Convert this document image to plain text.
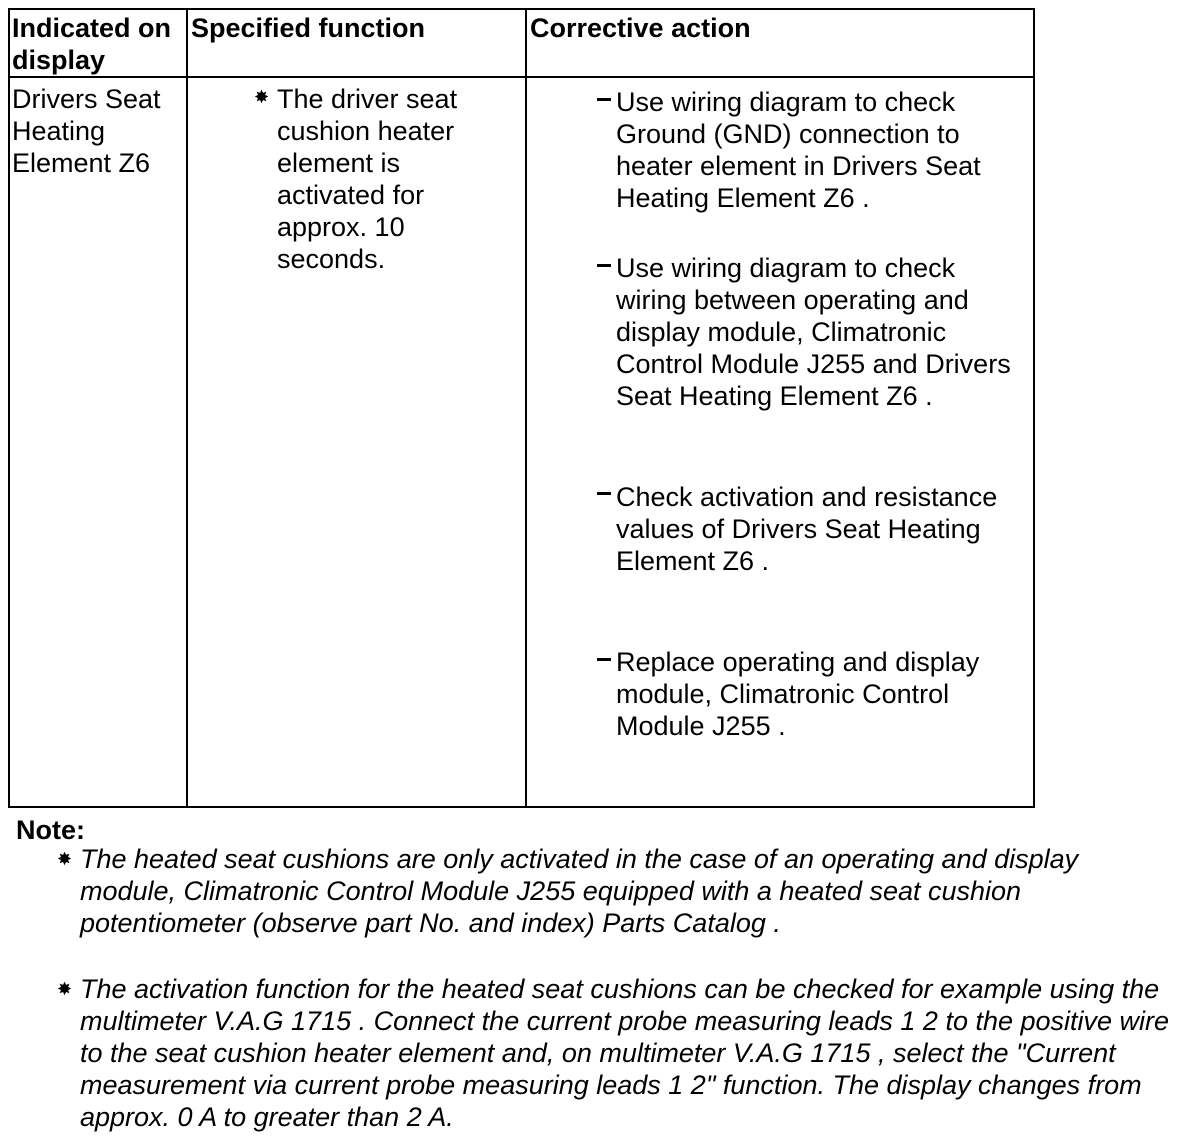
Indicated on display
Specified function	Corrective action
Drivers Seat Heating Element Z6
✸ The driver seat cushion heater element is activated for approx. 10 seconds.
Use wiring diagram to check Ground (GND) connection to heater element in Drivers Seat Heating Element Z6 .
Use wiring diagram to check wiring between operating and display module, Climatronic Control Module J255 and Drivers Seat Heating Element Z6 .
Check activation and resistance values of Drivers Seat Heating Element Z6 .
Replace operating and display module, Climatronic Control Module J255 .
Note:
✸ The heated seat cushions are only activated in the case of an operating and display module, Climatronic Control Module J255 equipped with a heated seat cushion potentiometer (observe part No. and index) Parts Catalog .
✸ The activation function for the heated seat cushions can be checked for example using the multimeter V.A.G 1715 . Connect the current probe measuring leads 1 2 to the positive wire to the seat cushion heater element and, on multimeter V.A.G 1715 , select the "Current measurement via current probe measuring leads 1 2" function. The display changes from approx. 0 A to greater than 2 A.
